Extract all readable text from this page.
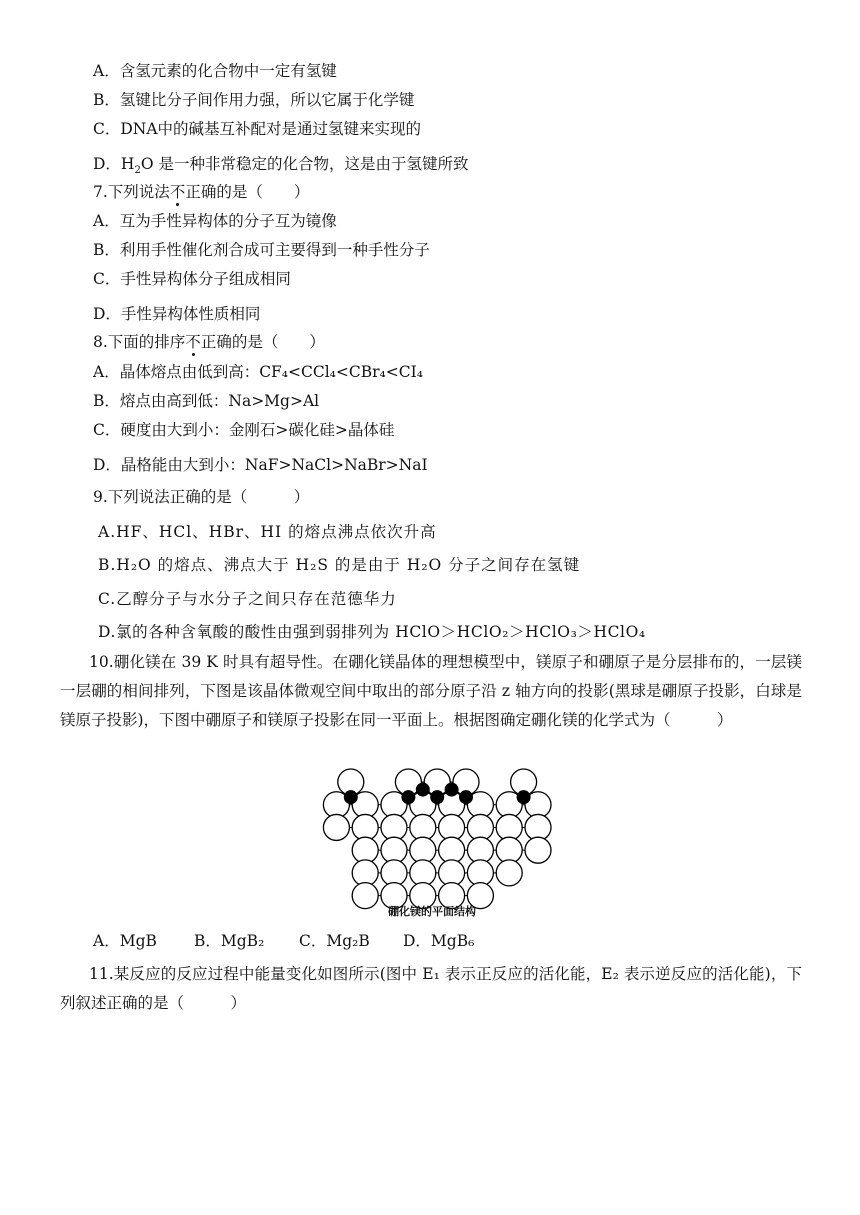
A．含氢元素的化合物中一定有氢键
B．氢键比分子间作用力强，所以它属于化学键
C．DNA中的碱基互补配对是通过氢键来实现的
D．$H_2O$ 是一种非常稳定的化合物，这是由于氢键所致
7.下列说法不正确的是（　　）
A．互为手性异构体的分子互为镜像
B．利用手性催化剂合成可主要得到一种手性分子
C．手性异构体分子组成相同
D．手性异构体性质相同
8.下面的排序不正确的是（　　）
A．晶体熔点由低到高：CF₄<CCl₄<CBr₄<CI₄
B．熔点由高到低：Na>Mg>Al
C．硬度由大到小：金刚石>碳化硅>晶体硅
D．晶格能由大到小：NaF>NaCl>NaBr>NaI
9.下列说法正确的是（　　　）
A.HF、HCl、HBr、HI 的熔点沸点依次升高
B.H₂O 的熔点、沸点大于 H₂S 的是由于 H₂O 分子之间存在氢键
C.乙醇分子与水分子之间只存在范德华力
D.氯的各种含氧酸的酸性由强到弱排列为 HClO＞HClO₂＞HClO₃＞HClO₄
10.硼化镁在 39 K 时具有超导性。在硼化镁晶体的理想模型中，镁原子和硼原子是分层排布的，一层镁一层硼的相间排列，下图是该晶体微观空间中取出的部分原子沿 z 轴方向的投影(黑球是硼原子投影，白球是镁原子投影)，下图中硼原子和镁原子投影在同一平面上。根据图确定硼化镁的化学式为（　　　）
硼化镁的平面结构
A．MgB B．MgB₂ C．Mg₂B D．MgB₆
11.某反应的反应过程中能量变化如图所示(图中 E₁ 表示正反应的活化能，E₂ 表示逆反应的活化能)，下列叙述正确的是（　　　）
